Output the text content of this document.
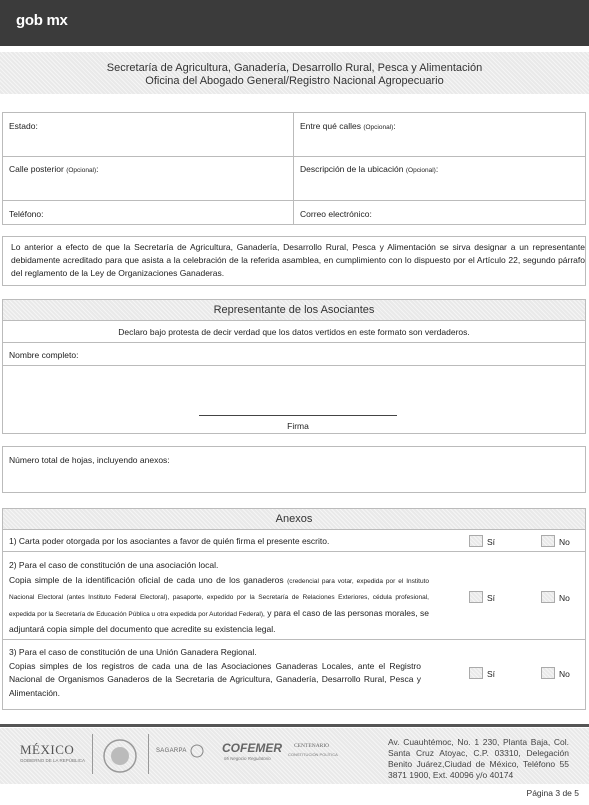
gob mx
Secretaría de Agricultura, Ganadería, Desarrollo Rural, Pesca y Alimentación
Oficina del Abogado General/Registro Nacional Agropecuario
Estado:	Entre qué calles (Opcional):
Calle posterior (Opcional):	Descripción de la ubicación (Opcional):
Teléfono:	Correo electrónico:
Lo anterior a efecto de que la Secretaría de Agricultura, Ganadería, Desarrollo Rural, Pesca y Alimentación se sirva designar a un representante debidamente acreditado para que asista a la celebración de la referida asamblea, en cumplimiento con lo dispuesto por el Artículo 22, segundo párrafo del reglamento de la Ley de Organizaciones Ganaderas.
Representante de los Asociantes
Declaro bajo protesta de decir verdad que los datos vertidos en este formato son verdaderos.
Nombre completo:
Firma
Número total de hojas, incluyendo anexos:
Anexos
1) Carta poder otorgada por los asociantes a favor de quién firma el presente escrito.	Sí	No
2) Para el caso de constitución de una asociación local.
Copia simple de la identificación oficial de cada uno de los ganaderos (credencial para votar, expedida por el Instituto Nacional Electoral (antes Instituto Federal Electoral), pasaporte, expedido por la Secretaría de Relaciones Exteriores, cédula profesional, expedida por la Secretaría de Educación Pública u otra expedida por Autoridad Federal), y para el caso de las personas morales, se adjuntará copia simple del documento que acredite su existencia legal.
Sí	No
3) Para el caso de constitución de una Unión Ganadera Regional.
Copias simples de los registros de cada una de las Asociaciones Ganaderas Locales, ante el Registro Nacional de Organismos Ganaderos de la Secretaria de Agricultura, Ganadería, Desarrollo Rural, Pesca y Alimentación.
Sí	No
MÉXICO
GOBIERNO DE LA REPÚBLICA
SAGARPA	COFEMER
Mi Negocio Regulatorio
CENTENARIO
CONSTITUCIÓN POLÍTICA
Av. Cuauhtémoc, No. 1 230, Planta Baja, Col. Santa Cruz Atoyac, C.P. 03310, Delegación Benito Juárez,Ciudad de México, Teléfono 55 3871 1900, Ext. 40096 y/o 40174
Página 3 de 5
